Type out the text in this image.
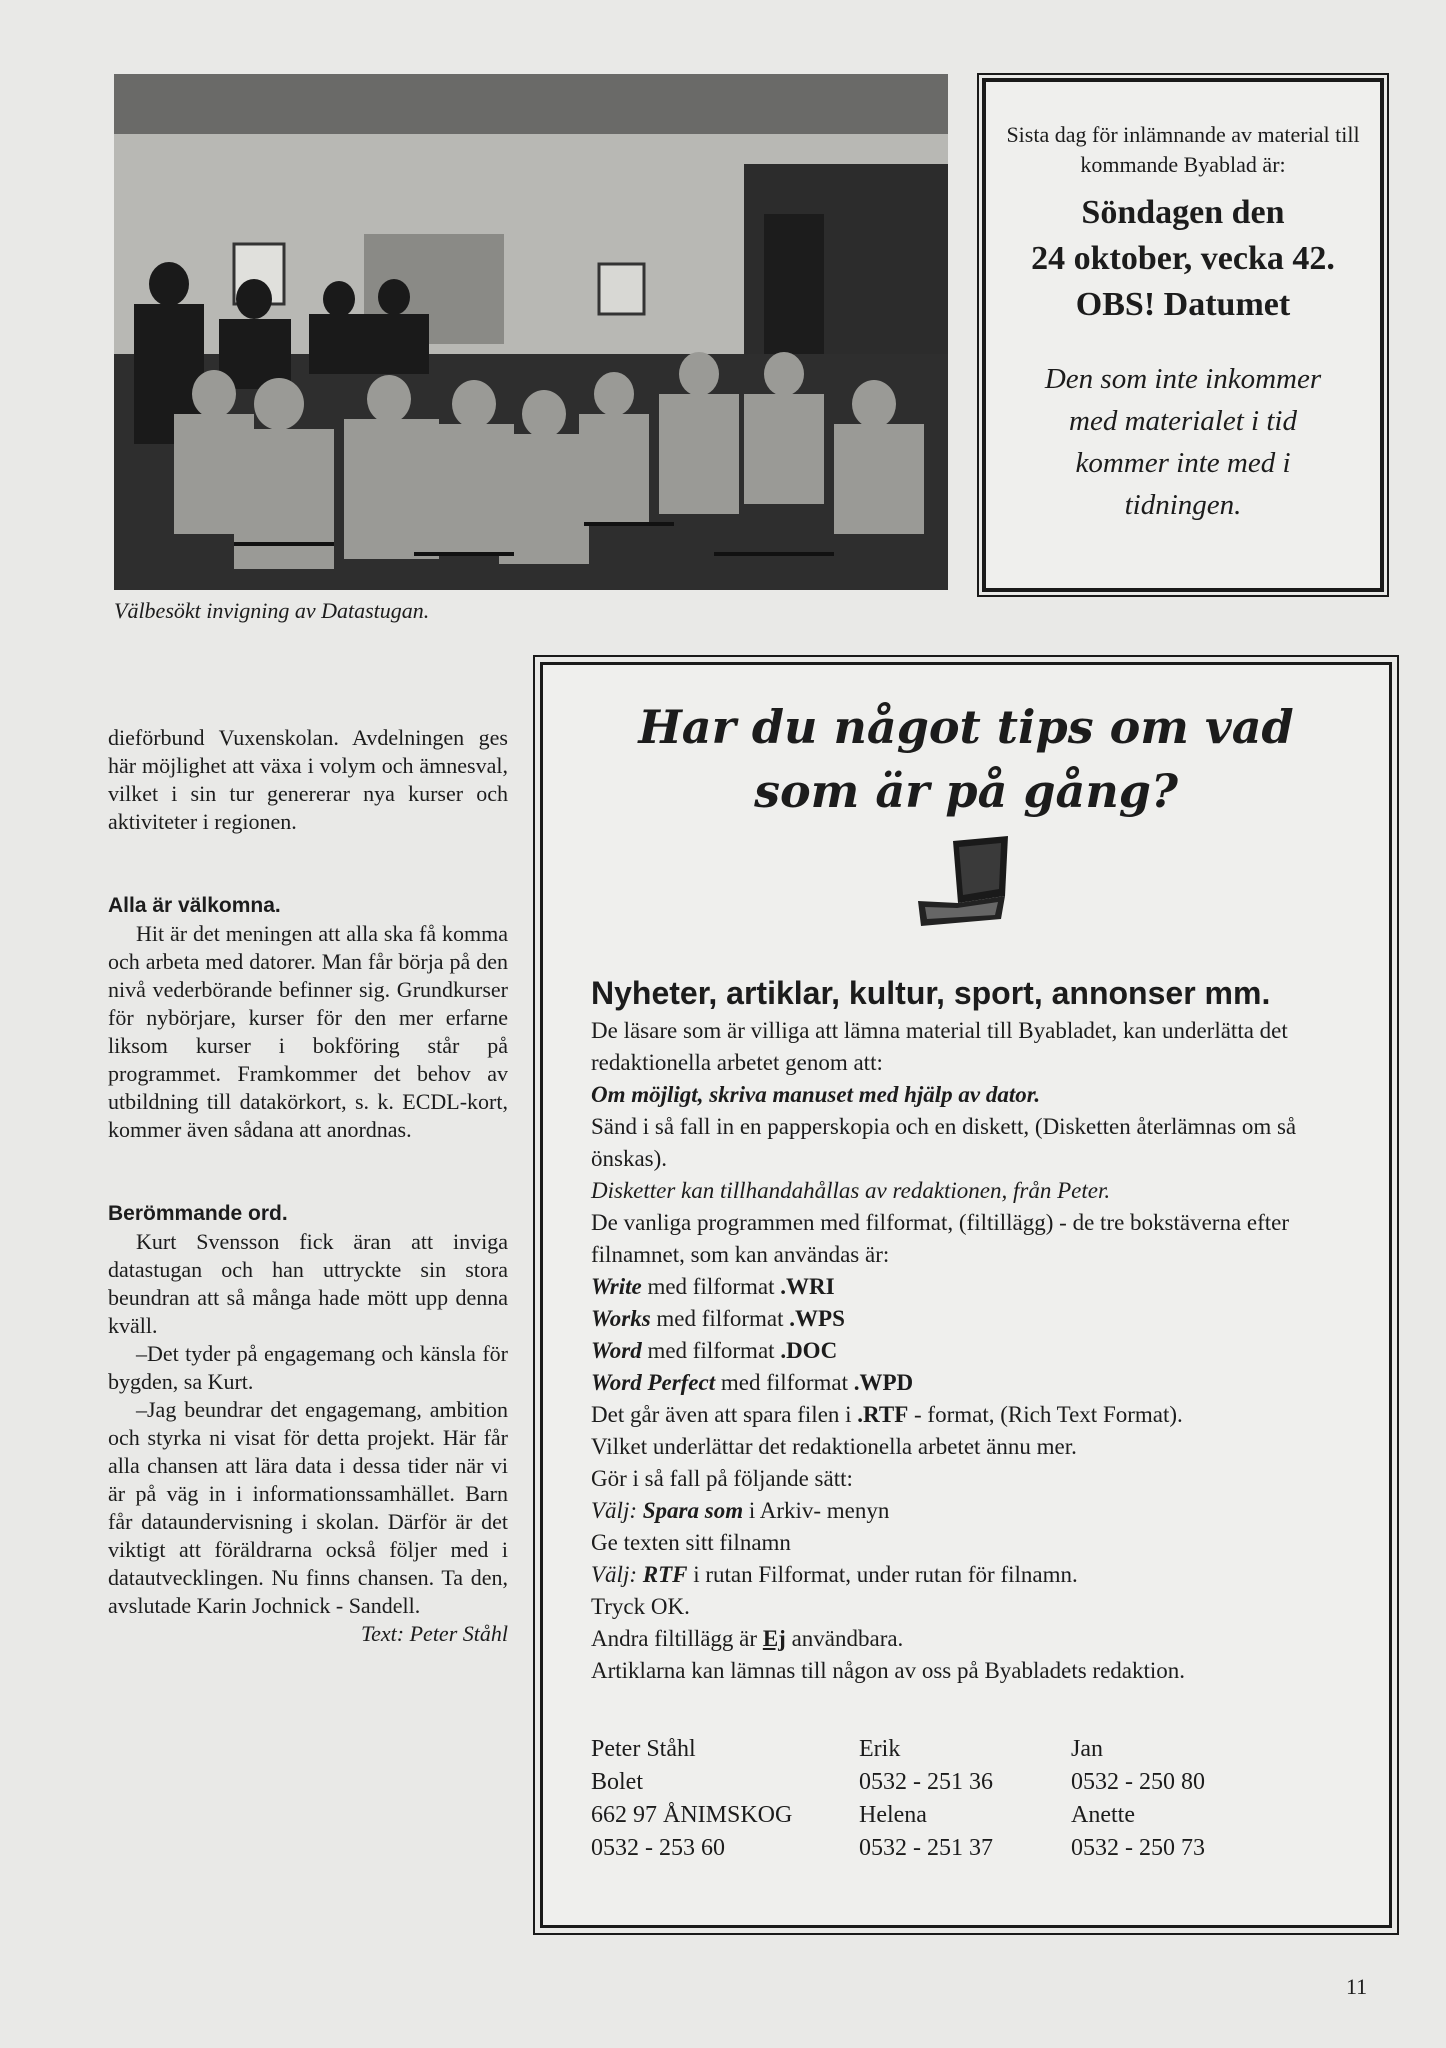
Välbesökt invigning av Datastugan.
Sista dag för inlämnande av material till kommande Byablad är:
Söndagen den
24 oktober, vecka 42.
OBS! Datumet
Den som inte inkommer med materialet i tid kommer inte med i tidningen.

dieförbund Vuxenskolan. Avdelningen ges här möjlighet att växa i volym och ämnesval, vilket i sin tur genererar nya kurser och aktiviteter i regionen.

Alla är välkomna.

Hit är det meningen att alla ska få komma och arbeta med datorer. Man får börja på den nivå vederbörande befinner sig. Grundkurser för nybörjare, kurser för den mer erfarne liksom kurser i bokföring står på programmet. Framkommer det behov av utbildning till datakörkort, s. k. ECDL-kort, kommer även sådana att anordnas.

Berömmande ord.

Kurt Svensson fick äran att inviga datastugan och han uttryckte sin stora beundran att så många hade mött upp denna kväll.

–Det tyder på engagemang och känsla för bygden, sa Kurt.

–Jag beundrar det engagemang, ambition och styrka ni visat för detta projekt. Här får alla chansen att lära data i dessa tider när vi är på väg in i informationssamhället. Barn får dataundervisning i skolan. Därför är det viktigt att föräldrarna också följer med i datautvecklingen. Nu finns chansen. Ta den, avslutade Karin Jochnick - Sandell.

Text: Peter Ståhl

Har du något tips om vad
som är på gång?

Nyheter, artiklar, kultur, sport, annonser mm.

De läsare som är villiga att lämna material till Byabladet, kan underlätta det redaktionella arbetet genom att:

Om möjligt, skriva manuset med hjälp av dator.

Sänd i så fall in en papperskopia och en diskett, (Disketten återlämnas om så önskas).

Disketter kan tillhandahållas av redaktionen, från Peter.

De vanliga programmen med filformat, (filtillägg) - de tre bokstäverna efter filnamnet, som kan användas är:

Write med filformat .WRI

Works med filformat .WPS

Word med filformat .DOC

Word Perfect med filformat .WPD

Det går även att spara filen i .RTF - format, (Rich Text Format).

Vilket underlättar det redaktionella arbetet ännu mer.

Gör i så fall på följande sätt:

Välj: Spara som i Arkiv- menyn

Ge texten sitt filnamn

Välj: RTF i rutan Filformat, under rutan för filnamn.

Tryck OK.

Andra filtillägg är Ej användbara.

Artiklarna kan lämnas till någon av oss på Byabladets redaktion.

Peter Ståhl
Bolet
662 97 ÅNIMSKOG
0532 - 253 60
Erik
0532 - 251 36
Helena
0532 - 251 37
Jan
0532 - 250 80
Anette
0532 - 250 73
11
